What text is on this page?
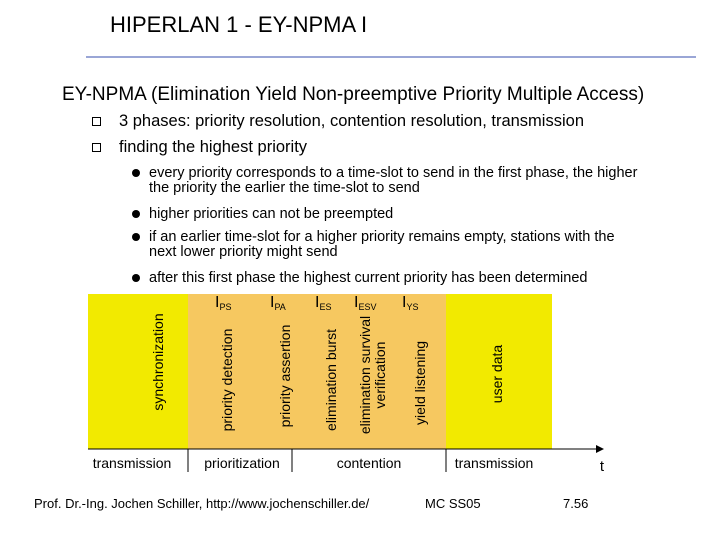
HIPERLAN 1 - EY-NPMA I
EY-NPMA (Elimination Yield Non-preemptive Priority Multiple Access)
3 phases: priority resolution, contention resolution, transmission
finding the highest priority
every priority corresponds to a time-slot to send in the first phase, the higher
the priority the earlier the time-slot to send
higher priorities can not be preempted
if an earlier time-slot for a higher priority remains empty, stations with the
next lower priority might send
after this first phase the highest current priority has been determined
$I_{PS}$ $I_{PA}$ $I_{ES}$ $I_{ESV}$ $I_{YS}$
synchronization	priority detection	priority assertion elimination burst elimination survival verification yield listening	user data
transmission prioritization	contention	transmission	t
Prof. Dr.-Ing. Jochen Schiller, http://www.jochenschiller.de/	MC SS05	7.56
